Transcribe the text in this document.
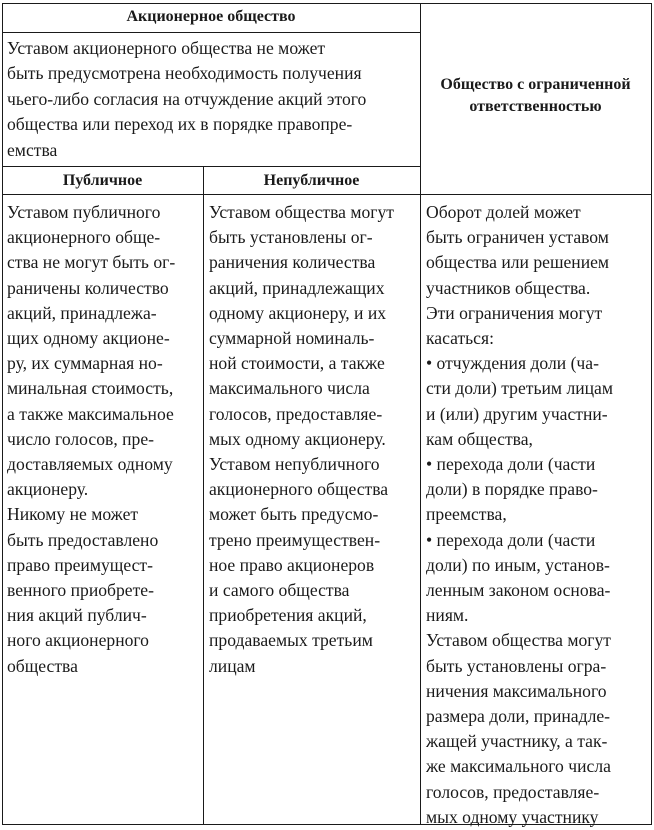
Акционерное общество
Общество с ограниченной
ответственностью
Публичное	Непубличное
Уставом акционерного общества не может
быть предусмотрена необходимость получения
чьего-либо согласия на отчуждение акций этого
общества или переход их в порядке правопре-
емства
Уставом публичного
акционерного обще-
ства не могут быть ог-
раничены количество
акций, принадлежа-
щих одному акционе-
ру, их суммарная но-
минальная стоимость,
а также максимальное
число голосов, пре-
доставляемых одному
акционеру.
Никому не может
быть предоставлено
право преимущест-
венного приобрете-
ния акций публич-
ного акционерного
общества
Уставом общества могут
быть установлены ог-
раничения количества
акций, принадлежащих
одному акционеру, и их
суммарной номиналь-
ной стоимости, а также
максимального числа
голосов, предоставляе-
мых одному акционеру.
Уставом непубличного
акционерного общества
может быть предусмо-
трено преимуществен-
ное право акционеров
и самого общества
приобретения акций,
продаваемых третьим
лицам
Оборот долей может
быть ограничен уставом
общества или решением
участников общества.
Эти ограничения могут
касаться:
• отчуждения доли (ча-
сти доли) третьим лицам
и (или) другим участни-
кам общества,
• перехода доли (части
доли) в порядке право-
преемства,
• перехода доли (части
доли) по иным, установ-
ленным законом основа-
ниям.
Уставом общества могут
быть установлены огра-
ничения максимального
размера доли, принадле-
жащей участнику, а так-
же максимального числа
голосов, предоставляе-
мых одному участнику
